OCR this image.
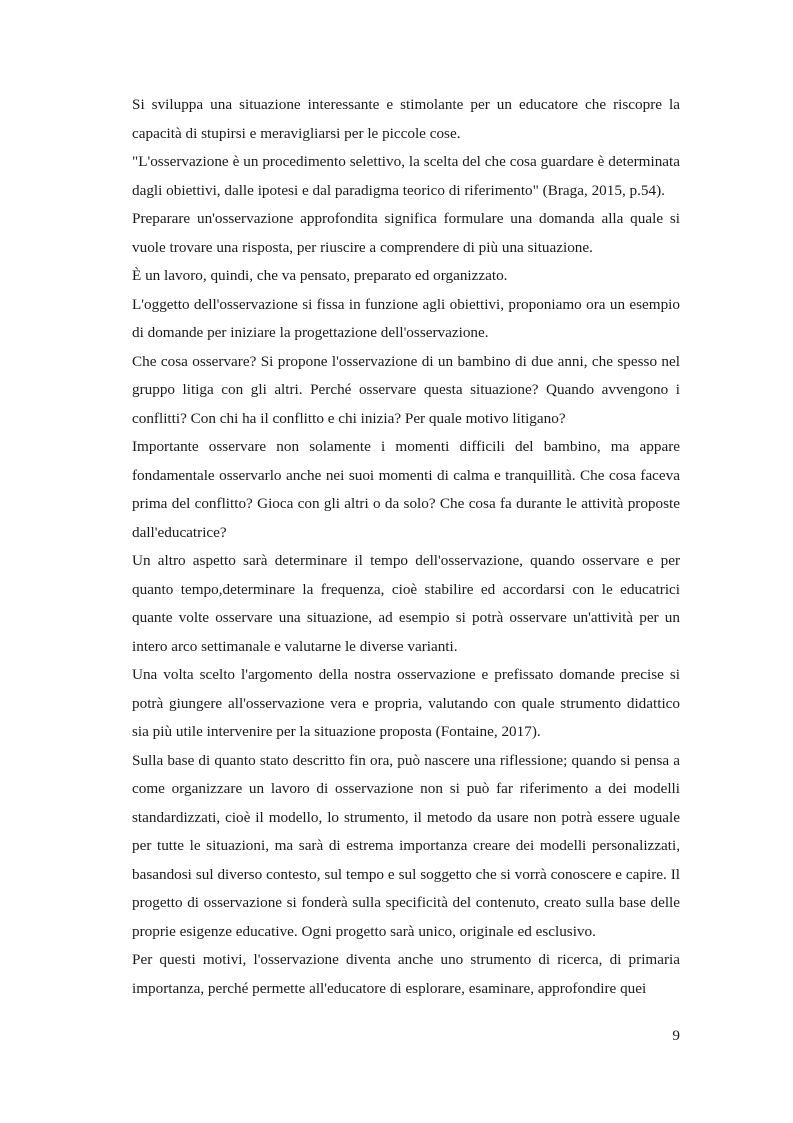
Si sviluppa una situazione interessante e stimolante per un educatore che riscopre la capacità di stupirsi e meravigliarsi per le piccole cose.

"L'osservazione è un procedimento selettivo, la scelta del che cosa guardare è determinata dagli obiettivi, dalle ipotesi e dal paradigma teorico di riferimento" (Braga, 2015, p.54).

Preparare un'osservazione approfondita significa formulare una domanda alla quale si vuole trovare una risposta, per riuscire a comprendere di più una situazione.

È un lavoro, quindi, che va pensato, preparato ed organizzato.

L'oggetto dell'osservazione si fissa in funzione agli obiettivi, proponiamo ora un esempio di domande per iniziare la progettazione dell'osservazione.

Che cosa osservare? Si propone l'osservazione di un bambino di due anni, che spesso nel gruppo litiga con gli altri. Perché osservare questa situazione? Quando avvengono i conflitti? Con chi ha il conflitto e chi inizia? Per quale motivo litigano?

Importante osservare non solamente i momenti difficili del bambino, ma appare fondamentale osservarlo anche nei suoi momenti di calma e tranquillità. Che cosa faceva prima del conflitto? Gioca con gli altri o da solo? Che cosa fa durante le attività proposte dall'educatrice?

Un altro aspetto sarà determinare il tempo dell'osservazione, quando osservare e per quanto tempo,determinare la frequenza, cioè stabilire ed accordarsi con le educatrici quante volte osservare una situazione, ad esempio si potrà osservare un'attività per un intero arco settimanale e valutarne le diverse varianti.

Una volta scelto l'argomento della nostra osservazione e prefissato domande precise si potrà giungere all'osservazione vera e propria, valutando con quale strumento didattico sia più utile intervenire per la situazione proposta (Fontaine, 2017).

Sulla base di quanto stato descritto fin ora, può nascere una riflessione; quando si pensa a come organizzare un lavoro di osservazione non si può far riferimento a dei modelli standardizzati, cioè il modello, lo strumento, il metodo da usare non potrà essere uguale per tutte le situazioni, ma sarà di estrema importanza creare dei modelli personalizzati, basandosi sul diverso contesto, sul tempo e sul soggetto che si vorrà conoscere e capire. Il progetto di osservazione si fonderà sulla specificità del contenuto, creato sulla base delle proprie esigenze educative. Ogni progetto sarà unico, originale ed esclusivo.

Per questi motivi, l'osservazione diventa anche uno strumento di ricerca, di primaria importanza, perché permette all'educatore di esplorare, esaminare, approfondire quei

9
